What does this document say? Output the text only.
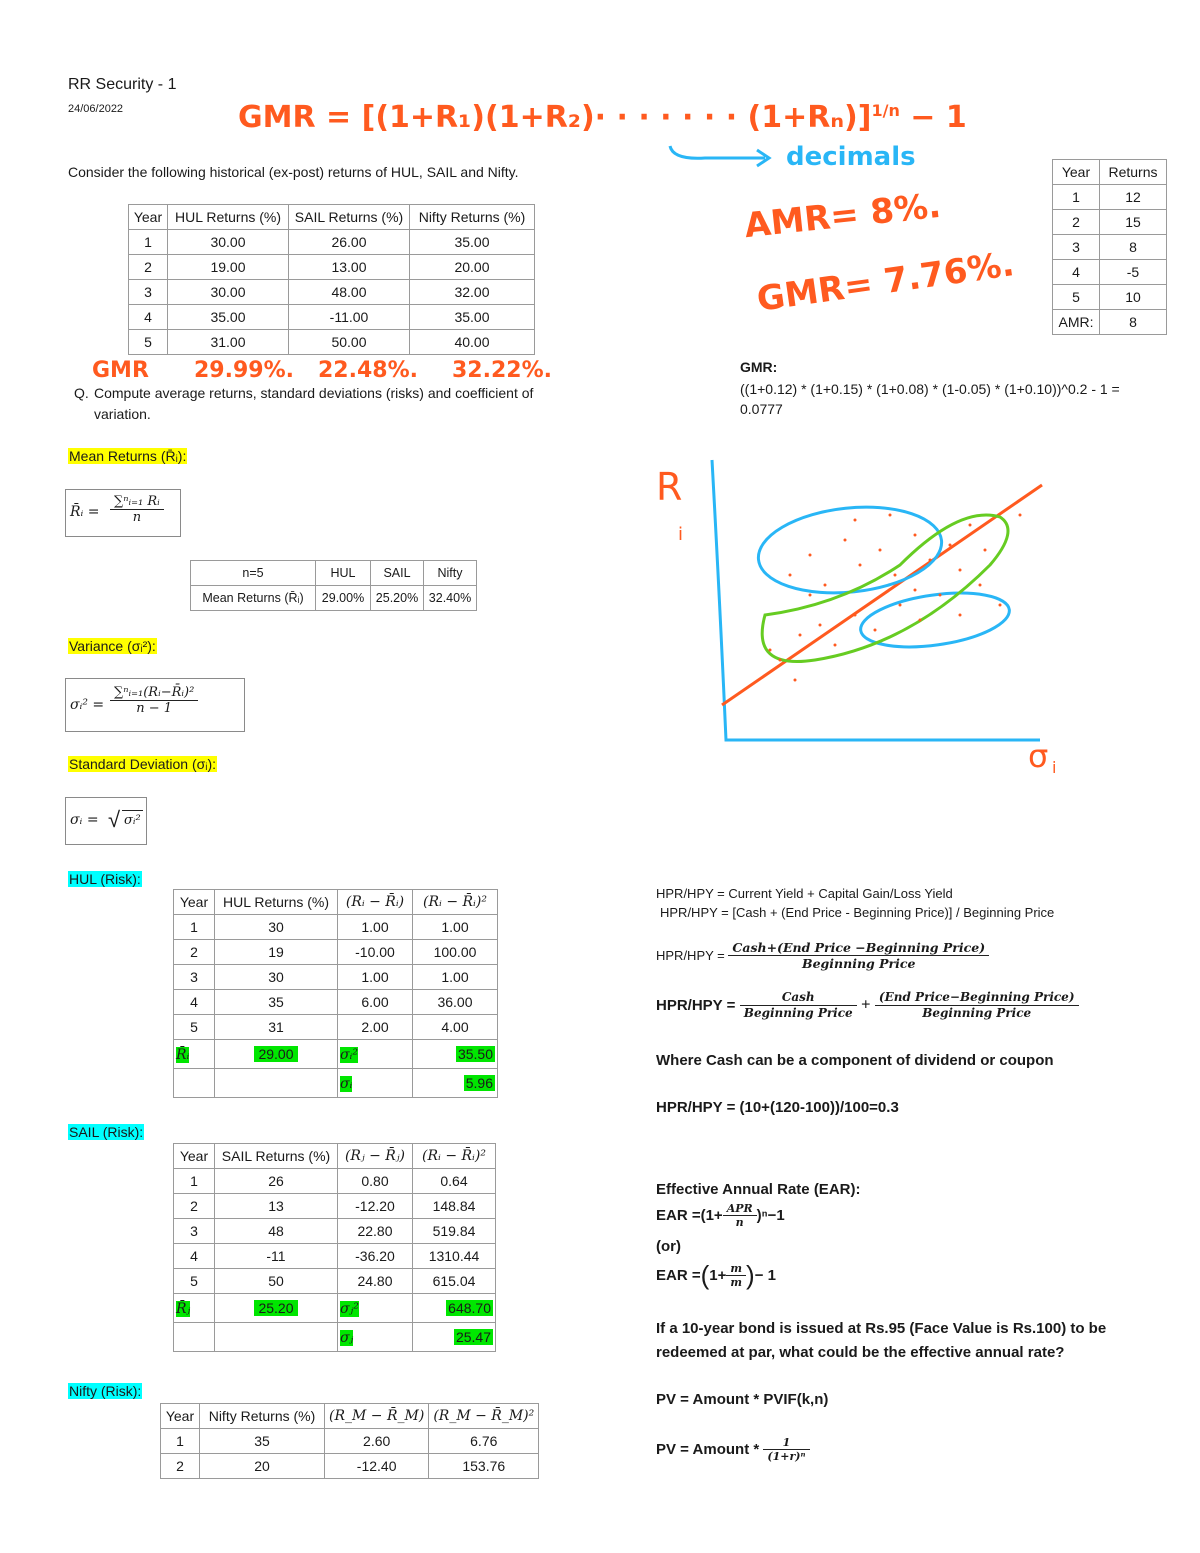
RR Security - 1
24/06/2022
Consider the following historical (ex-post) returns of HUL, SAIL and Nifty.
GMR = [(1+R₁)(1+R₂)· · · · · · · (1+Rₙ)]$^{1/n}$ − 1
decimals
AMR= 8%.
GMR= 7.76%.
Year	HUL Returns (%)	SAIL Returns (%)	Nifty Returns (%)
1	30.00	26.00	35.00
2	19.00	13.00	20.00
3	30.00	48.00	32.00
4	35.00	-11.00	35.00
5	31.00	50.00	40.00
GMR 29.99%. 22.48%. 32.22%.
Q. Compute average returns, standard deviations (risks) and coefficient of
variation.
Year	Returns
1	12
2	15
3	8
4	-5
5	10
AMR:	8
GMR:
((1+0.12) * (1+0.15) * (1+0.08) * (1-0.05) * (1+0.10))^0.2 - 1 =
0.0777
R
i
σ i
Mean Returns (R̄ᵢ):
R̄ᵢ = $\frac{\text{∑ⁿᵢ₌₁ Rᵢ}}{n}$
n=5	HUL	SAIL	Nifty
Mean Returns (R̄ᵢ)	29.00%	25.20%	32.40%
Variance (σᵢ²):
σᵢ² = $\frac{\text{∑ⁿᵢ₌₁(Rᵢ−R̄ᵢ)²}}{n - 1}$
Standard Deviation (σᵢ):
σᵢ = √ σᵢ²
HUL (Risk):
Year	HUL Returns (%)	(Rᵢ − R̄ᵢ)	(Rᵢ − R̄ᵢ)²
1	30	1.00	1.00
2	19	-10.00	100.00
3	30	1.00	1.00
4	35	6.00	36.00
5	31	2.00	4.00
R̄ᵢ	29.00	σᵢ²	35.50
		σᵢ	5.96
SAIL (Risk):
Year	SAIL Returns (%)	(Rⱼ − R̄ⱼ)	(Rᵢ − R̄ᵢ)²
1	26	0.80	0.64
2	13	-12.20	148.84
3	48	22.80	519.84
4	-11	-36.20	1310.44
5	50	24.80	615.04
R̄ⱼ	25.20	σⱼ²	648.70
		σⱼ	25.47
Nifty (Risk):
Year	Nifty Returns (%)	(R_M − R̄_M)	(R_M − R̄_M)²
1	35	2.60	6.76
2	20	-12.40	153.76
HPR/HPY = Current Yield + Capital Gain/Loss Yield
HPR/HPY = [Cash + (End Price - Beginning Price)] / Beginning Price
$HPR/HPY = \frac{\text{Cash+(End Price −Beginning Price)}}{\text{Beginning Price}}$
$HPR/HPY = \frac{\text{Cash}}{\text{Beginning Price}} + \frac{\text{(End Price−Beginning Price)}}{\text{Beginning Price}}$
Where Cash can be a component of dividend or coupon
HPR/HPY = (10+(120-100))/100=0.3
Effective Annual Rate (EAR):
EAR $=(1+ \frac{\text{APR}}{n} )^n-1$
(or)
EAR $=(1+ \frac{m}{m}$ )− 1
If a 10-year bond is issued at Rs.95 (Face Value is Rs.100) to be
redeemed at par, what could be the effective annual rate?
PV = Amount * PVIF(k,n)
PV = Amount * $\frac{1}{\text{(1+r)ⁿ}}$
